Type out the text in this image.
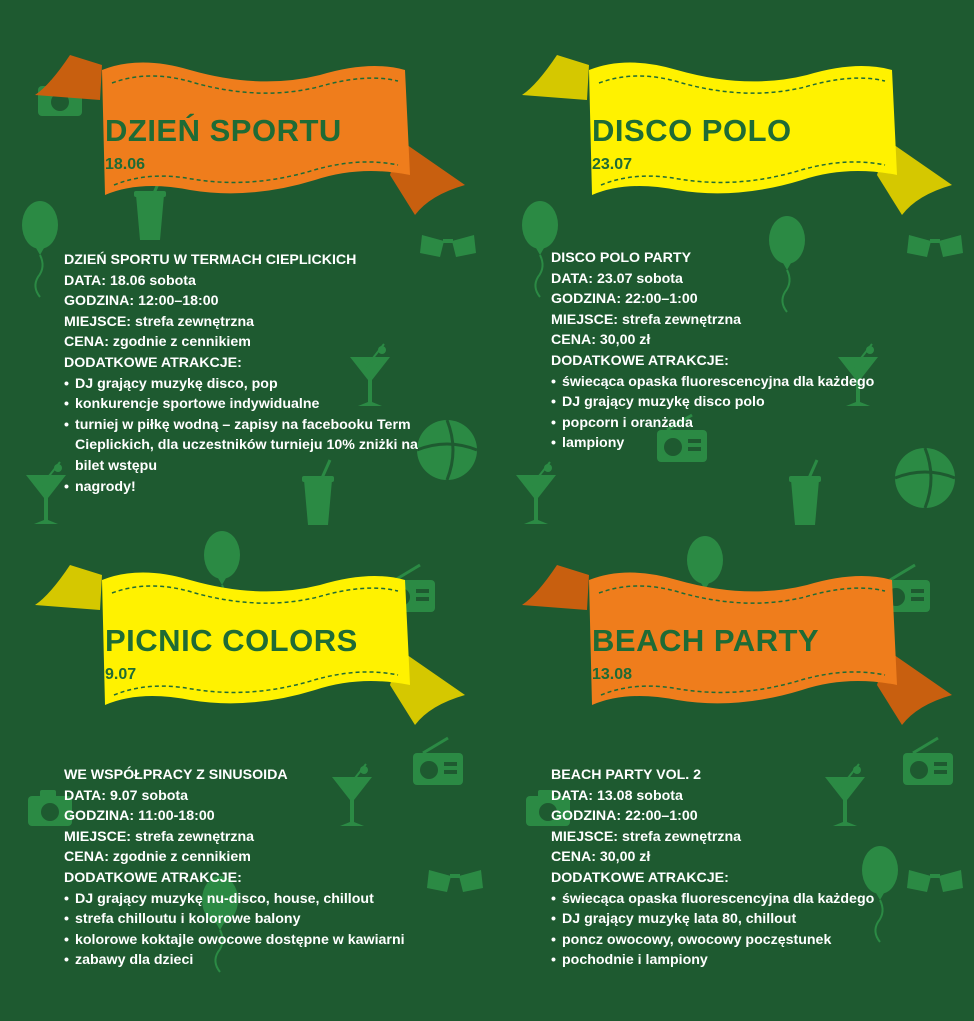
DZIEŃ SPORTU
18.06
DZIEŃ SPORTU W TERMACH CIEPLICKICH
DATA: 18.06 sobota
GODZINA: 12:00–18:00
MIEJSCE: strefa zewnętrzna
CENA: zgodnie z cennikiem
DODATKOWE ATRAKCJE:
• DJ grający muzykę disco, pop
• konkurencje sportowe indywidualne
• turniej w piłkę wodną – zapisy na facebooku Term Cieplickich, dla uczestników turnieju 10% zniżki na bilet wstępu
• nagrody!
DISCO POLO
23.07
DISCO POLO PARTY
DATA: 23.07 sobota
GODZINA: 22:00–1:00
MIEJSCE: strefa zewnętrzna
CENA: 30,00 zł
DODATKOWE ATRAKCJE:
• świecąca opaska fluorescencyjna dla każdego
• DJ grający muzykę disco polo
• popcorn i oranżada
• lampiony
PICNIC COLORS
9.07
WE WSPÓŁPRACY Z SINUSOIDA
DATA: 9.07 sobota
GODZINA: 11:00-18:00
MIEJSCE: strefa zewnętrzna
CENA: zgodnie z cennikiem
DODATKOWE ATRAKCJE:
• DJ grający muzykę nu-disco, house, chillout
• strefa chilloutu i kolorowe balony
• kolorowe koktajle owocowe dostępne w kawiarni
• zabawy dla dzieci
BEACH PARTY
13.08
BEACH PARTY VOL. 2
DATA: 13.08 sobota
GODZINA: 22:00–1:00
MIEJSCE: strefa zewnętrzna
CENA: 30,00 zł
DODATKOWE ATRAKCJE:
• świecąca opaska fluorescencyjna dla każdego
• DJ grający muzykę lata 80, chillout
• poncz owocowy, owocowy poczęstunek
• pochodnie i lampiony
